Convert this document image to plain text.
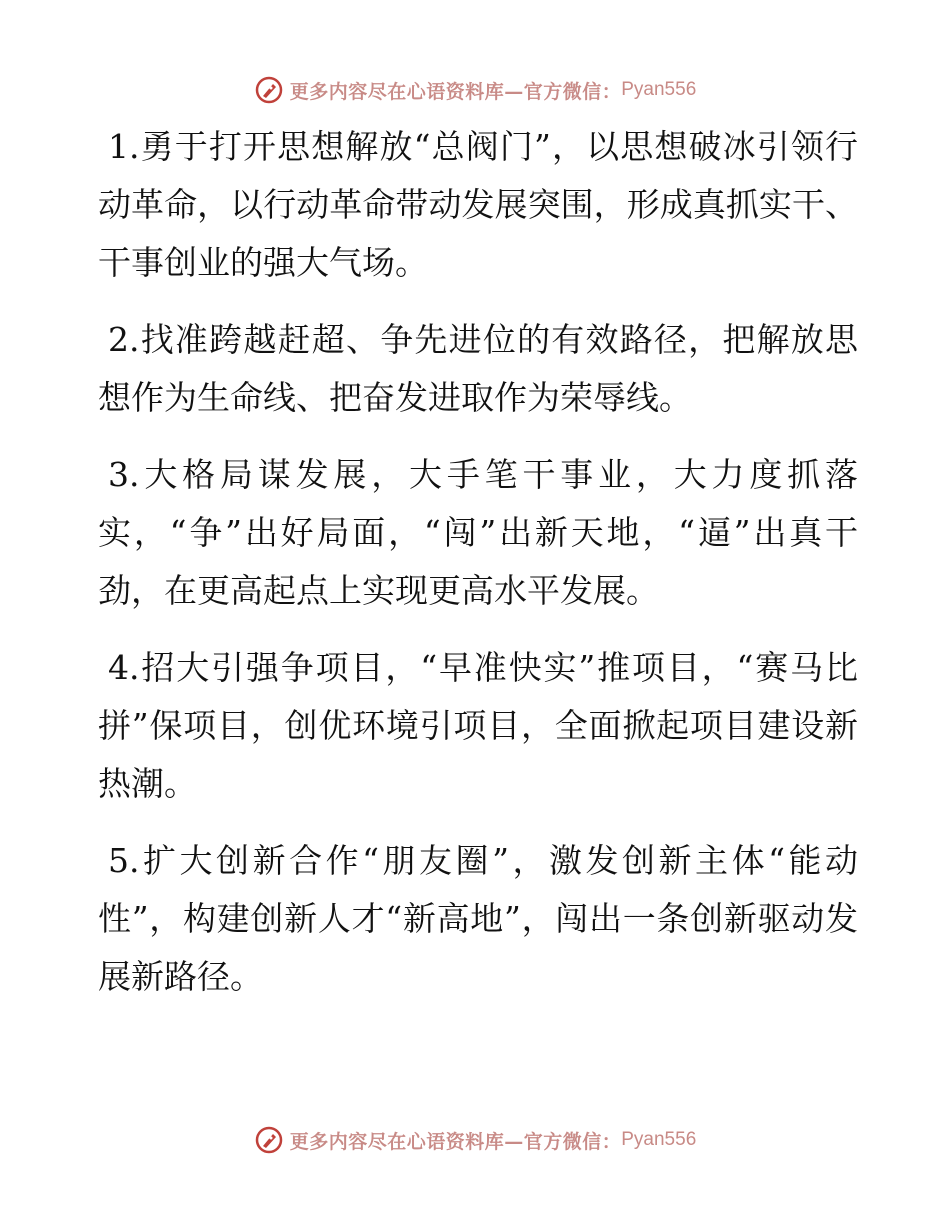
更多内容尽在心语资料库—官方微信： Pyan556

1.勇于打开思想解放“总阀门”，以思想破冰引领行动革命，以行动革命带动发展突围，形成真抓实干、干事创业的强大气场。

2.找准跨越赶超、争先进位的有效路径，把解放思想作为生命线、把奋发进取作为荣辱线。

3.大格局谋发展，大手笔干事业，大力度抓落实，“争”出好局面，“闯”出新天地，“逼”出真干劲，在更高起点上实现更高水平发展。

4.招大引强争项目，“早准快实”推项目，“赛马比拼”保项目，创优环境引项目，全面掀起项目建设新热潮。

5.扩大创新合作“朋友圈”，激发创新主体“能动性”，构建创新人才“新高地”，闯出一条创新驱动发展新路径。

更多内容尽在心语资料库—官方微信： Pyan556
